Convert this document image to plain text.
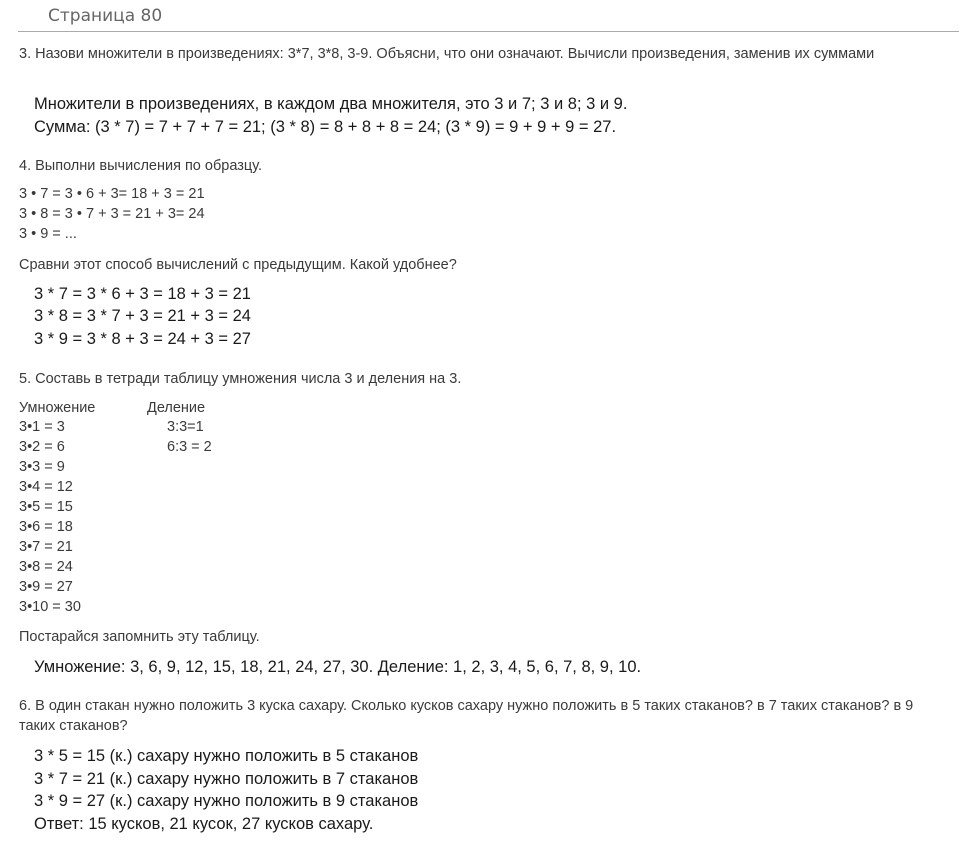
Страница 80
3. Назови множители в произведениях: 3*7, 3*8, 3-9. Объясни, что они означают. Вычисли произведения, заменив их суммами
Множители в произведениях, в каждом два множителя, это 3 и 7; 3 и 8; 3 и 9.
Сумма: (3 * 7) = 7 + 7 + 7 = 21; (3 * 8) = 8 + 8 + 8 = 24; (3 * 9) = 9 + 9 + 9 = 27.
4. Выполни вычисления по образцу.
3 • 7 = 3 • 6 + 3= 18 + 3 = 21
3 • 8 = 3 • 7 + 3 = 21 + 3= 24
3 • 9 = ...
Сравни этот способ вычислений с предыдущим. Какой удобнее?
3 * 7 = 3 * 6 + 3 = 18 + 3 = 21
3 * 8 = 3 * 7 + 3 = 21 + 3 = 24
3 * 9 = 3 * 8 + 3 = 24 + 3 = 27
5. Составь в тетради таблицу умножения числа 3 и деления на 3.
Умножение	Деление
3•1 = 3
3•2 = 6
3•3 = 9
3•4 = 12
3•5 = 15
3•6 = 18
3•7 = 21
3•8 = 24
3•9 = 27
3•10 = 30
3:3=1
6:3 = 2
Постарайся запомнить эту таблицу.
Умножение: 3, 6, 9, 12, 15, 18, 21, 24, 27, 30. Деление: 1, 2, 3, 4, 5, 6, 7, 8, 9, 10.
6. В один стакан нужно положить 3 куска сахару. Сколько кусков сахару нужно положить в 5 таких стаканов? в 7 таких стаканов? в 9 таких стаканов?
3 * 5 = 15 (к.) сахару нужно положить в 5 стаканов
3 * 7 = 21 (к.) сахару нужно положить в 7 стаканов
3 * 9 = 27 (к.) сахару нужно положить в 9 стаканов
Ответ: 15 кусков, 21 кусок, 27 кусков сахару.
